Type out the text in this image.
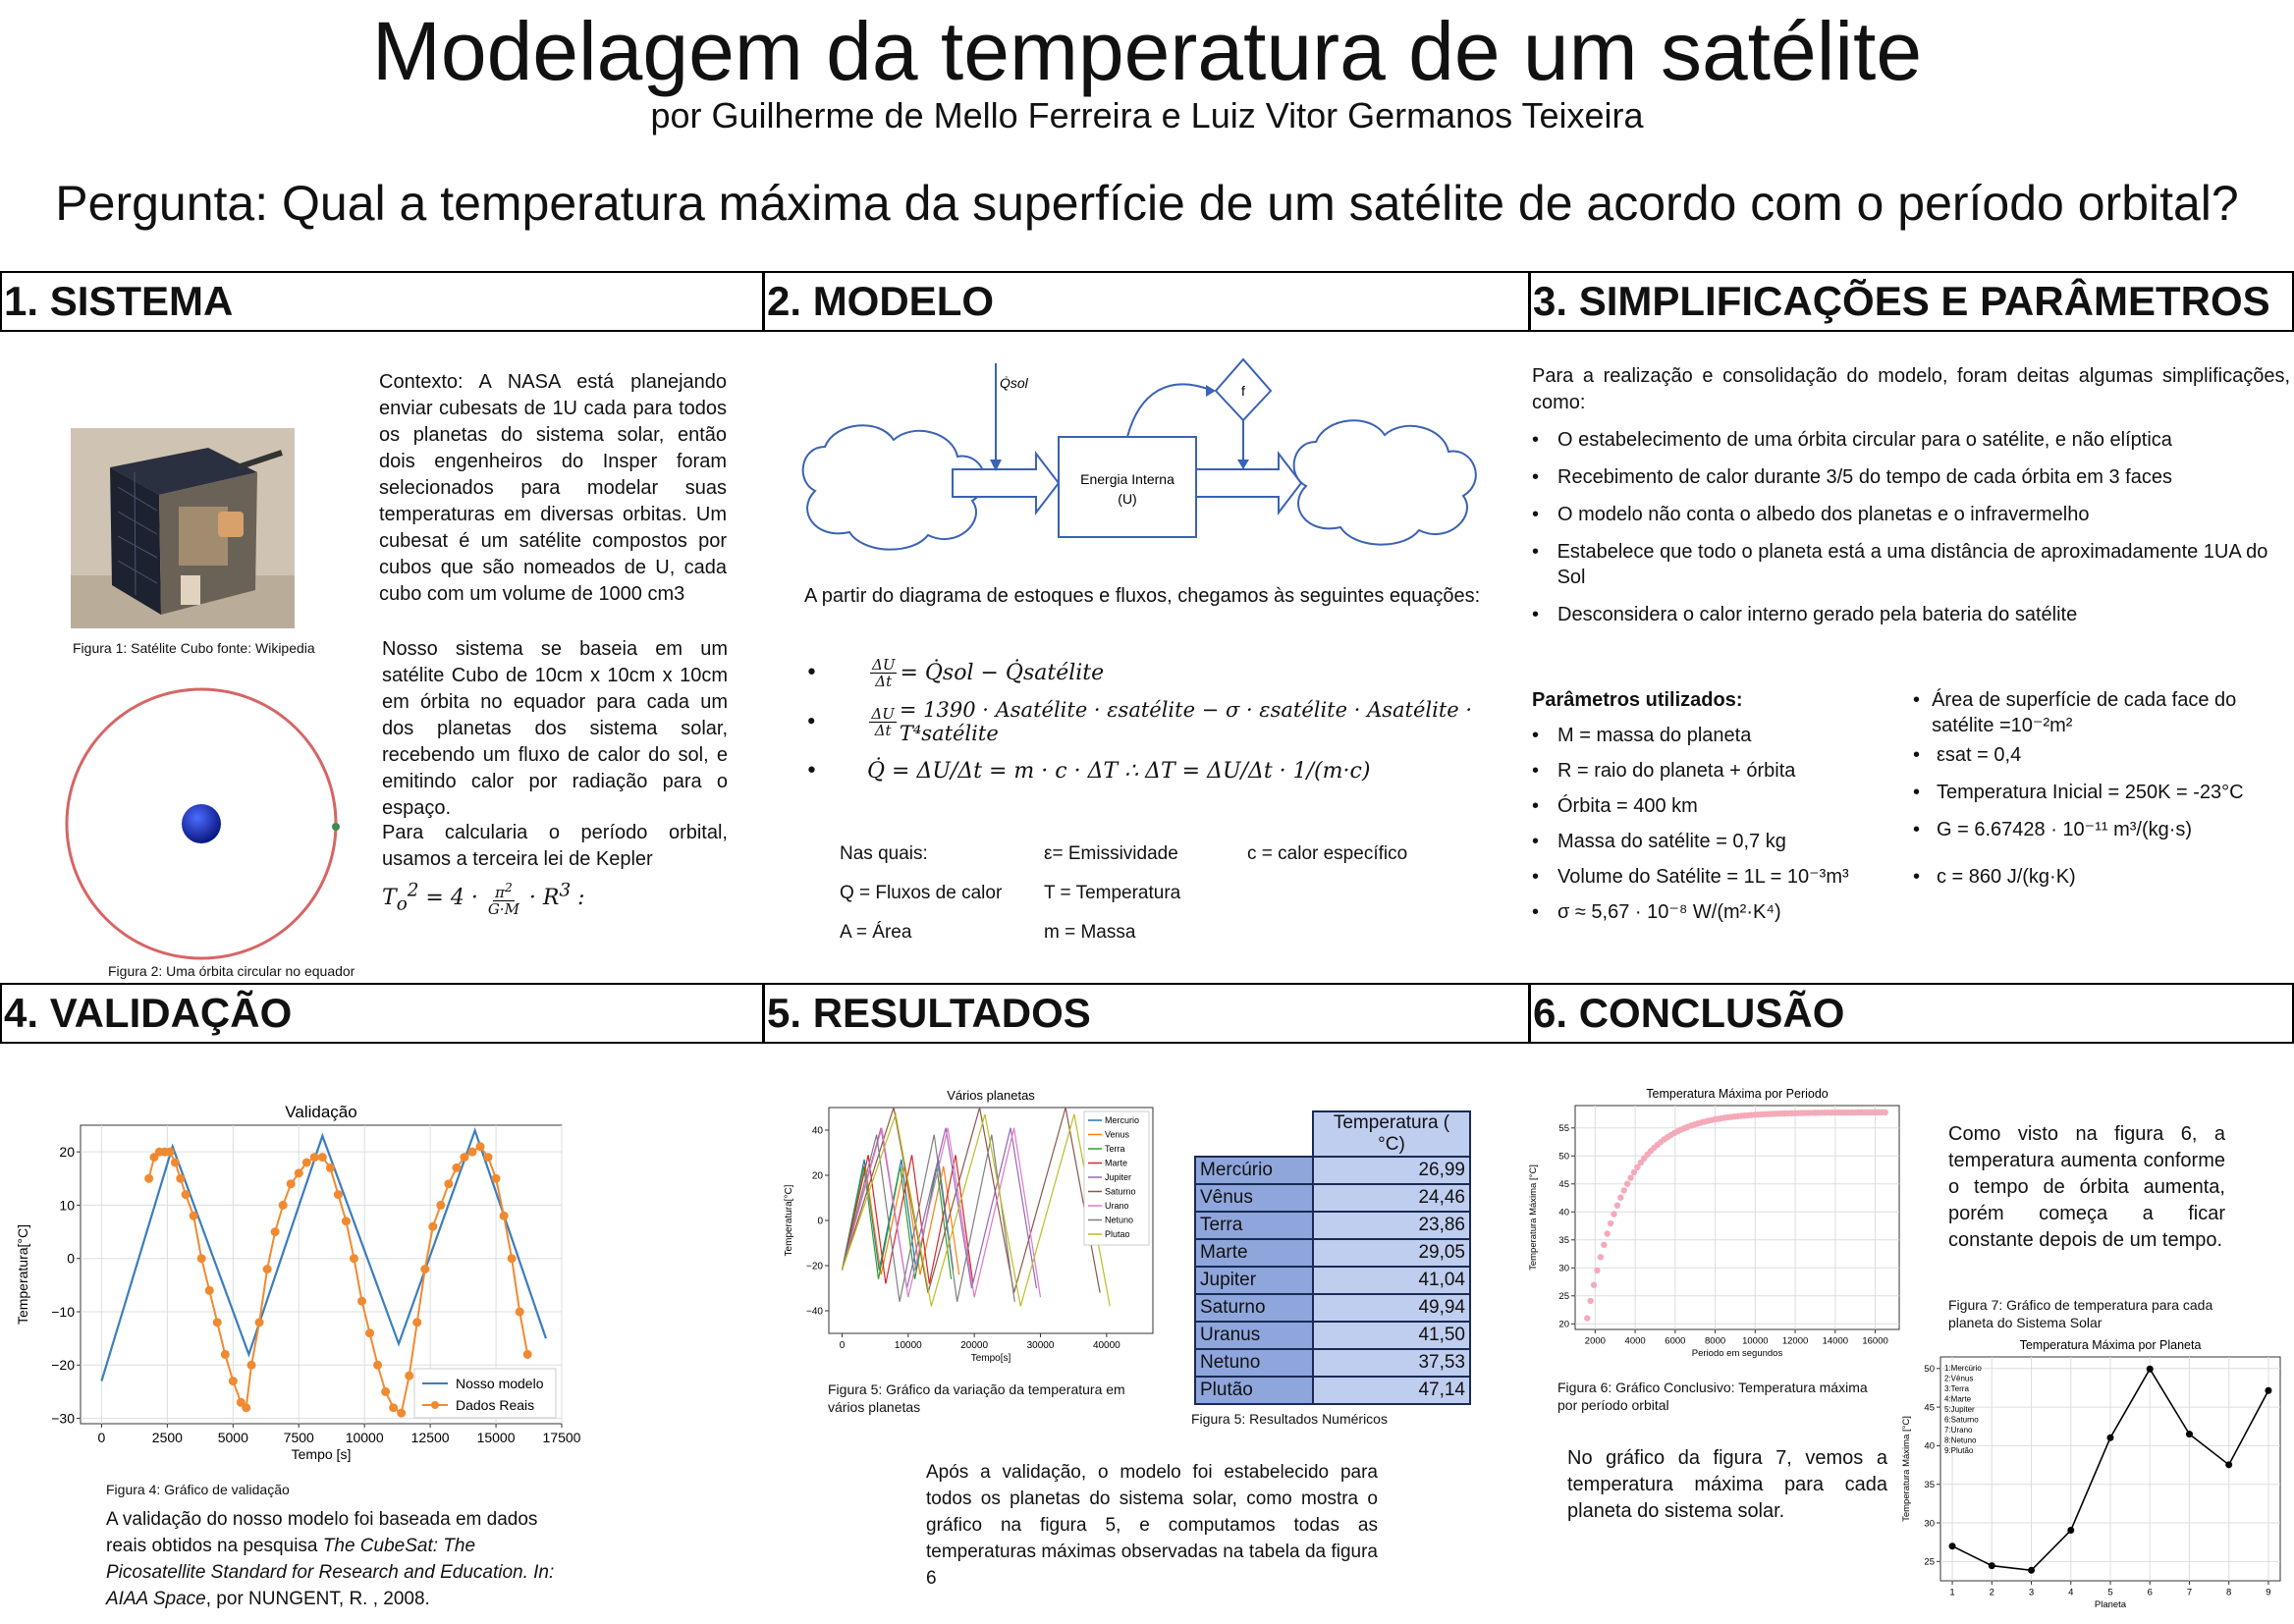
Modelagem da temperatura de um satélite
por Guilherme de Mello Ferreira e Luiz Vitor Germanos Teixeira
Pergunta: Qual a temperatura máxima da superfície de um satélite de acordo com o período orbital?
1. SISTEMA	2. MODELO	3. SIMPLIFICAÇÕES E PARÂMETROS
4. VALIDAÇÃO	5. RESULTADOS	6. CONCLUSÃO
Figura 1: Satélite Cubo fonte: Wikipedia
Figura 2: Uma órbita circular no equador
Contexto: A NASA está planejando enviar cubesats de 1U cada para todos os planetas do sistema solar, então dois engenheiros do Insper foram selecionados para modelar suas temperaturas em diversas orbitas. Um cubesat é um satélite compostos por cubos que são nomeados de U, cada cubo com um volume de 1000 cm3
Nosso sistema se baseia em um satélite Cubo de 10cm x 10cm x 10cm em órbita no equador para cada um dos planetas dos sistema solar, recebendo um fluxo de calor do sol, e emitindo calor por radiação para o espaço.
Para calcularia o período orbital, usamos a terceira lei de Kepler
$T_o^2 = 4 \cdot \frac{\pi^2}{G\cdot M} \cdot R^3$ :
Energia Interna
(U)
Q̇sol	f
A partir do diagrama de estoques e fluxos, chegamos às seguintes equações:
•	$\frac{\Delta U}{\Delta t}$ = Q̇sol − Q̇satélite
•	$\frac{\Delta U}{\Delta t} = 1390$ · Asatélite · εsatélite − σ · εsatélite · Asatélite · T⁴satélite
• Q̇ = ΔU/Δt = m · c · ΔT ∴ ΔT = ΔU/Δt · 1/(m·c)
Nas quais:	ε= Emissividade	c = calor específico
Q = Fluxos de calor T = Temperatura
A = Área	m = Massa
Para a realização e consolidação do modelo, foram deitas algumas simplificações, como:
• O estabelecimento de uma órbita circular para o satélite, e não elíptica
• Recebimento de calor durante 3/5 do tempo de cada órbita em 3 faces
• O modelo não conta o albedo dos planetas e o infravermelho
• Estabelece que todo o planeta está a uma distância de aproximadamente 1UA do Sol
• Desconsidera o calor interno gerado pela bateria do satélite
Parâmetros utilizados:
• M = massa do planeta
• R = raio do planeta + órbita
• Órbita = 400 km
• Massa do satélite = 0,7 kg
• Volume do Satélite = 1L = 10⁻³m³
• σ ≈ 5,67 · 10⁻⁸ W/(m²·K⁴)
• Área de superfície de cada face do satélite =10⁻²m²
• εsat = 0,4
• Temperatura Inicial = 250K = -23°C
• G = 6.67428 · 10⁻¹¹ m³/(kg·s)
• c = 860 J/(kg·K)
0	2500	5000	7500 10000 12500 15000 17500
−30
−20
−10
0
10
20
Validação
Tempo [s]
Temperatura[°C]
Nosso modelo
Dados Reais
Figura 4: Gráfico de validação
A validação do nosso modelo foi baseada em dados reais obtidos na pesquisa The CubeSat: The Picosatellite Standard for Research and Education. In: AIAA Space, por NUNGENT, R. , 2008.
0	10000	20000	30000	40000
−40
−20
0
20
40
Vários planetas
Tempo[s]
Temperatura[°C]
Mercurio
Venus
Terra
Marte
Jupiter
Saturno
Urano
Netuno
Plutao
Figura 5: Gráfico da variação da temperatura em vários planetas
	Temperatura ( °C)
Mercúrio	26,99
Vênus	24,46
Terra	23,86
Marte	29,05
Jupiter	41,04
Saturno	49,94
Uranus	41,50
Netuno	37,53
Plutão	47,14
Figura 5: Resultados Numéricos
Após a validação, o modelo foi estabelecido para todos os planetas do sistema solar, como mostra o gráfico na figura 5, e computamos todas as temperaturas máximas observadas na tabela da figura 6
2000 4000 6000 8000 10000 12000 14000 16000
20
25
30
35
40
45
50
55
Temperatura Máxima por Periodo
Periodo em segundos
Temperatura Máxima [°C]
Figura 6: Gráfico Conclusivo: Temperatura máxima por período orbital
No gráfico da figura 7, vemos a temperatura máxima para cada planeta do sistema solar.
Como visto na figura 6, a temperatura aumenta conforme o tempo de órbita aumenta, porém começa a ficar constante depois de um tempo.
Figura 7: Gráfico de temperatura para cada planeta do Sistema Solar
1	2	3	4	5	6	7	8	9
25
30
35
40
45
50
Temperatura Máxima por Planeta
Planeta
Temperatura Máxima [°C]
1:Mercúrio
2:Vênus
3:Terra
4:Marte
5:Jupiter
6:Saturno
7:Urano
8:Netuno
9:Plutão
